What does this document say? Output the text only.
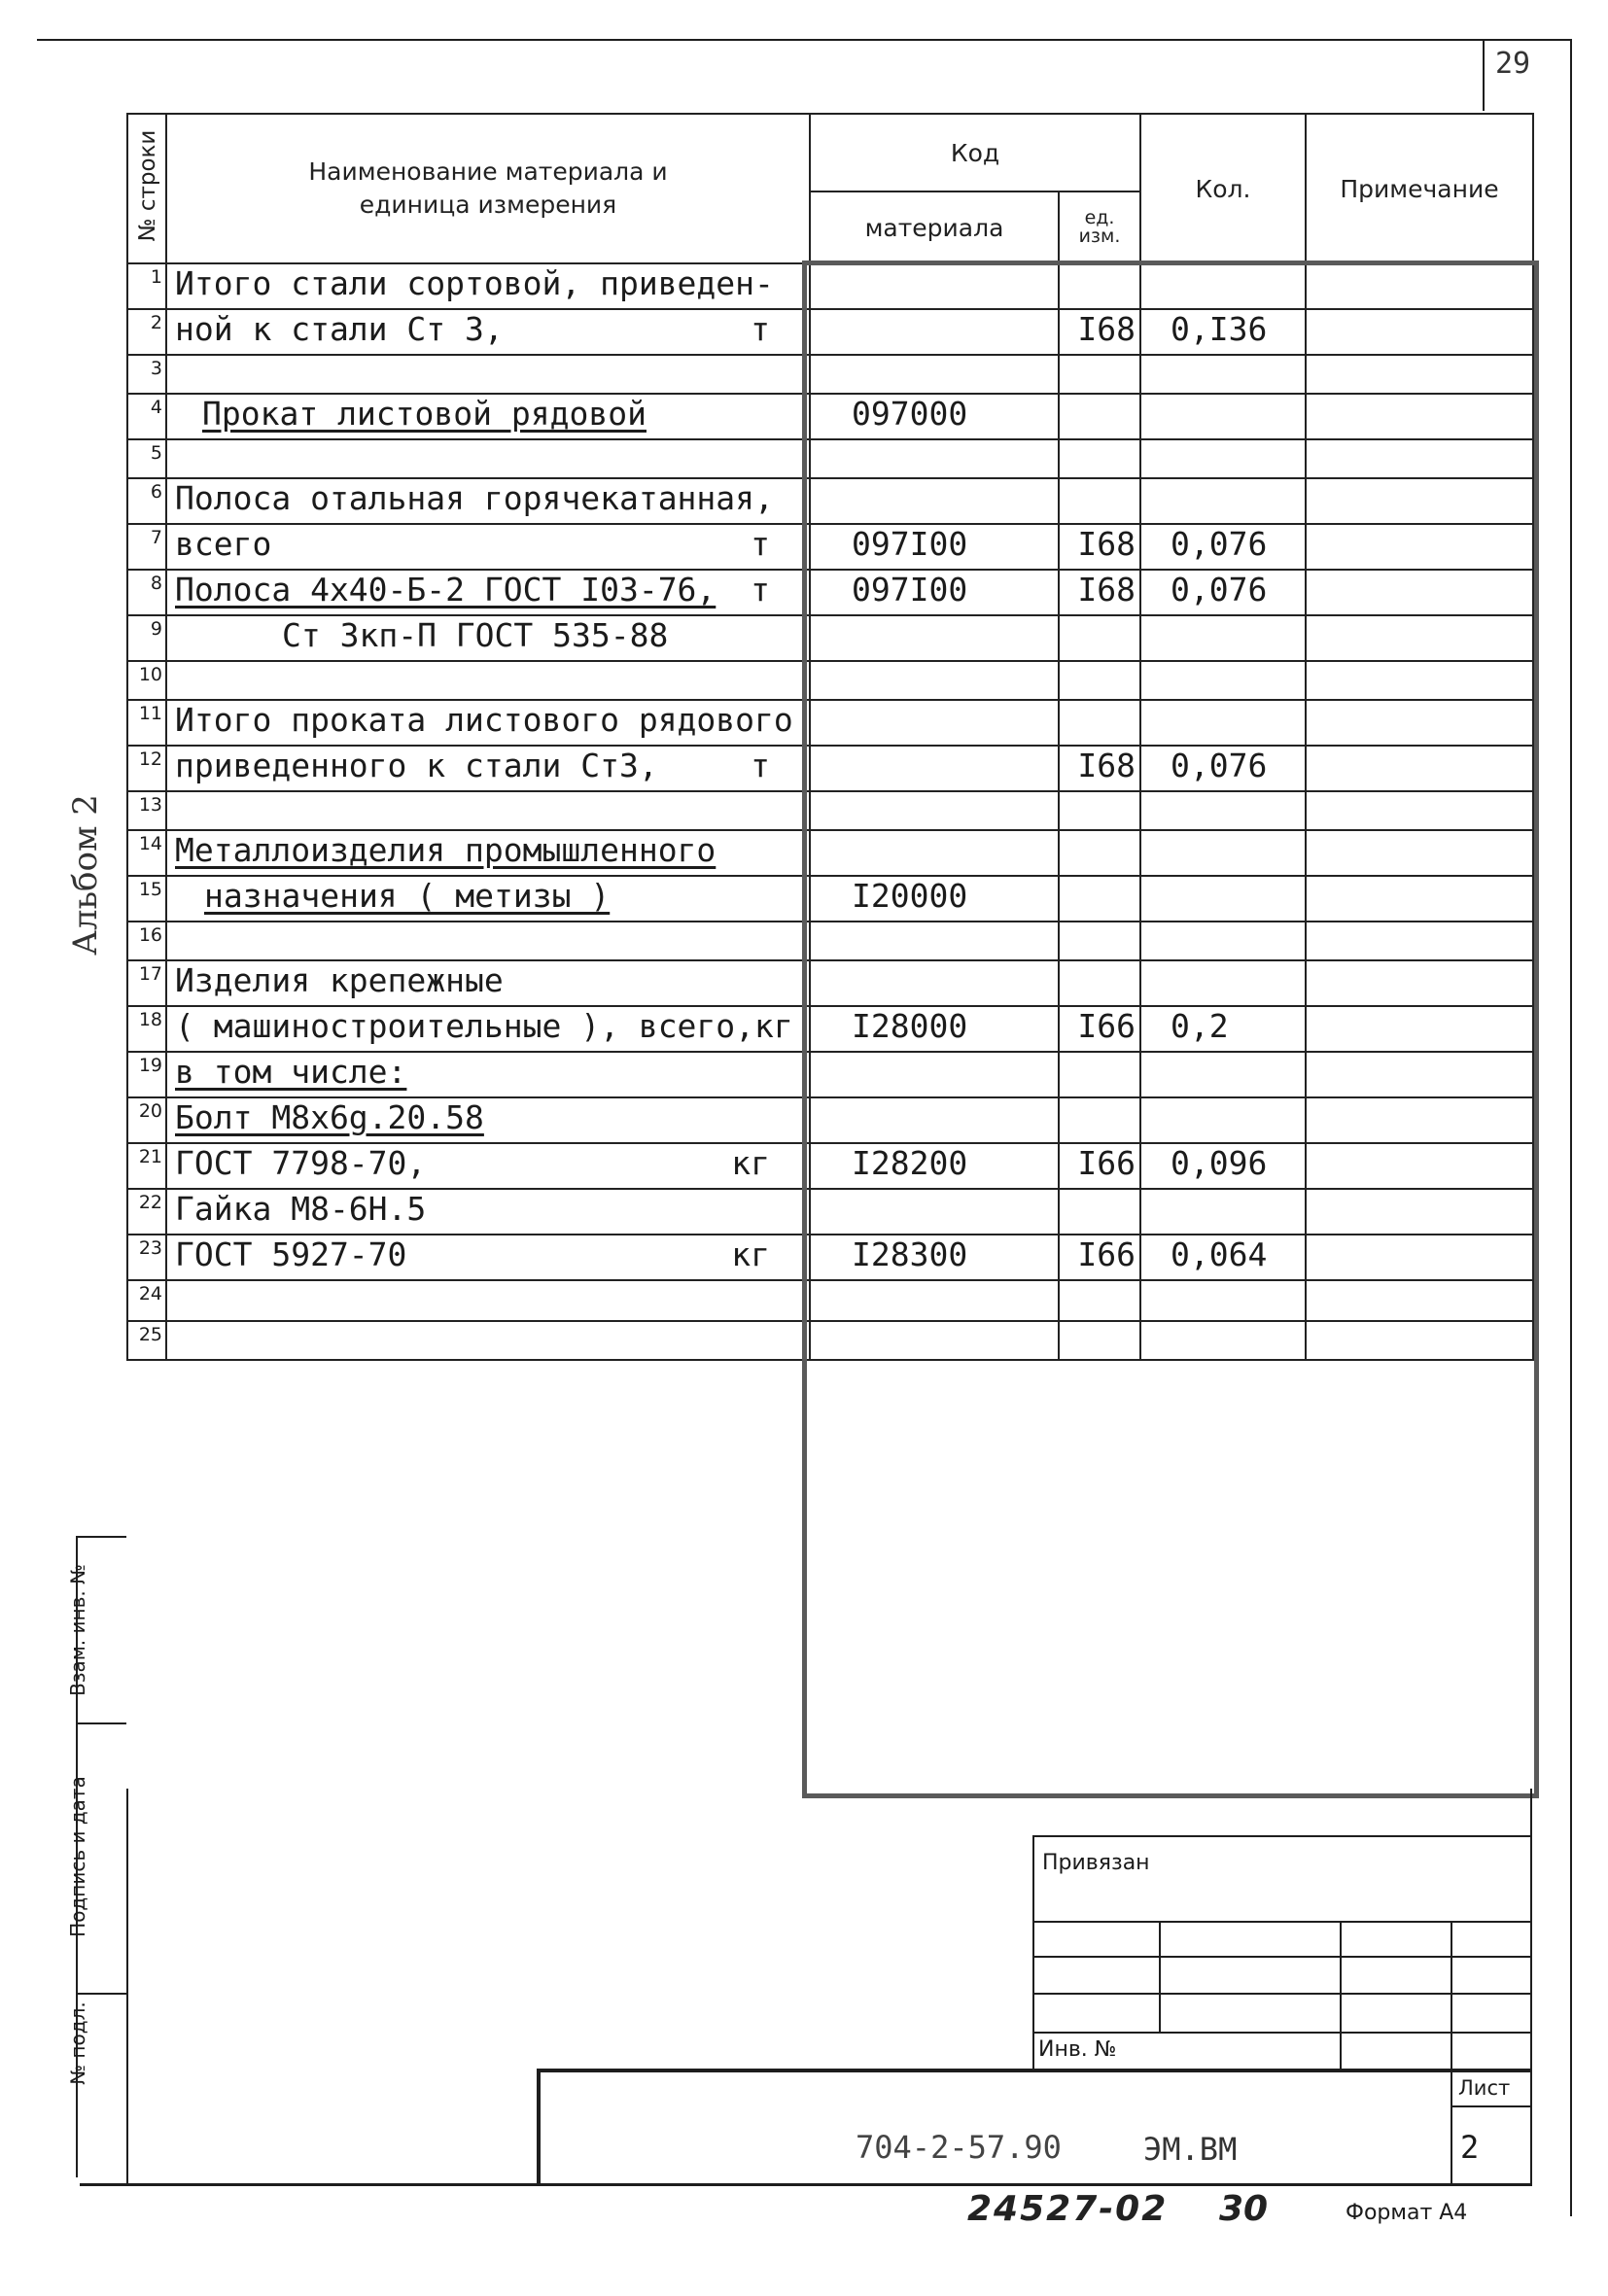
29
Альбом 2
№ строки	Наименование материала и
единица измерения	Код		Кол.	Примечание
		материала	ед.
изм.		
1	Итого стали сортовой, приведен-				
2	ной к стали Ст 3, т		I68	0,I36	
3					
4	Прокат листовой рядовой	097000			
5					
6	Полоса отальная горячекатанная,				
7	всего т	097I00	I68	0,076	
8	Полоса 4х40-Б-2 ГОСТ I03-76, т	097I00	I68	0,076	
9	Ст 3кп-П ГОСТ 535-88				
10					
11	Итого проката листового рядового				
12	приведенного к стали Ст3, т		I68	0,076	
13					
14	Металлоизделия промышленного				
15	назначения ( метизы )	I20000			
16					
17	Изделия крепежные				
18	( машиностроительные ), всего,кг	I28000	I66	0,2	
19	в том числе:				
20	Болт М8х6g.20.58				
21	ГОСТ 7798-70, кг	I28200	I66	0,096	
22	Гайка М8-6Н.5				
23	ГОСТ 5927-70 кг	I28300	I66	0,064	
24					
25					
Взам. инв. №
Подпись и дата
№ подл.
Привязан
Инв. №
Лист
2
704-2-57.90	ЭМ.ВМ
24527-02 30	Формат А4
